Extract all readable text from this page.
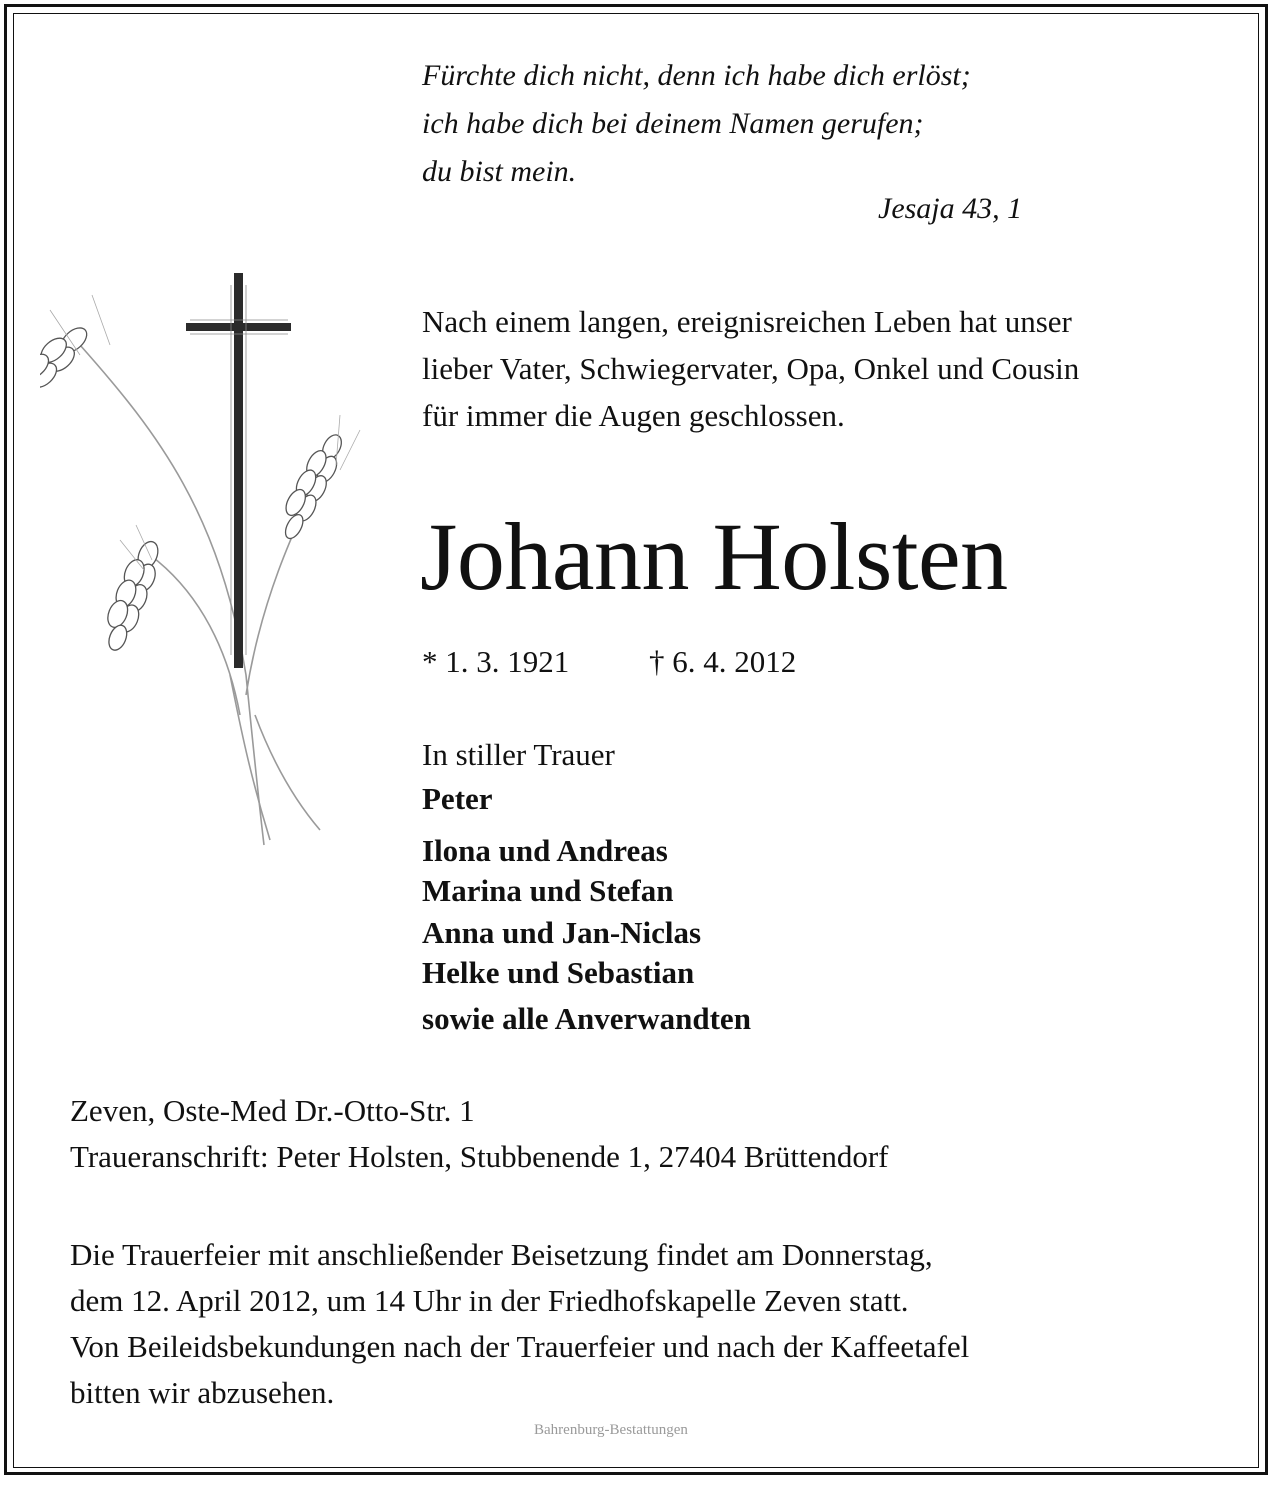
Fürchte dich nicht, denn ich habe dich erlöst;
ich habe dich bei deinem Namen gerufen;
du bist mein.
Jesaja 43, 1
Nach einem langen, ereignisreichen Leben hat unser
lieber Vater, Schwiegervater, Opa, Onkel und Cousin
für immer die Augen geschlossen.
Johann Holsten
* 1. 3. 1921	† 6. 4. 2012
In stiller Trauer
Peter
Ilona und Andreas
Marina und Stefan
Anna und Jan-Niclas
Helke und Sebastian
sowie alle Anverwandten
Zeven, Oste-Med Dr.-Otto-Str. 1
Traueranschrift: Peter Holsten, Stubbenende 1, 27404 Brüttendorf
Die Trauerfeier mit anschließender Beisetzung findet am Donnerstag,
dem 12. April 2012, um 14 Uhr in der Friedhofskapelle Zeven statt.
Von Beileidsbekundungen nach der Trauerfeier und nach der Kaffeetafel
bitten wir abzusehen.
Bahrenburg-Bestattungen
